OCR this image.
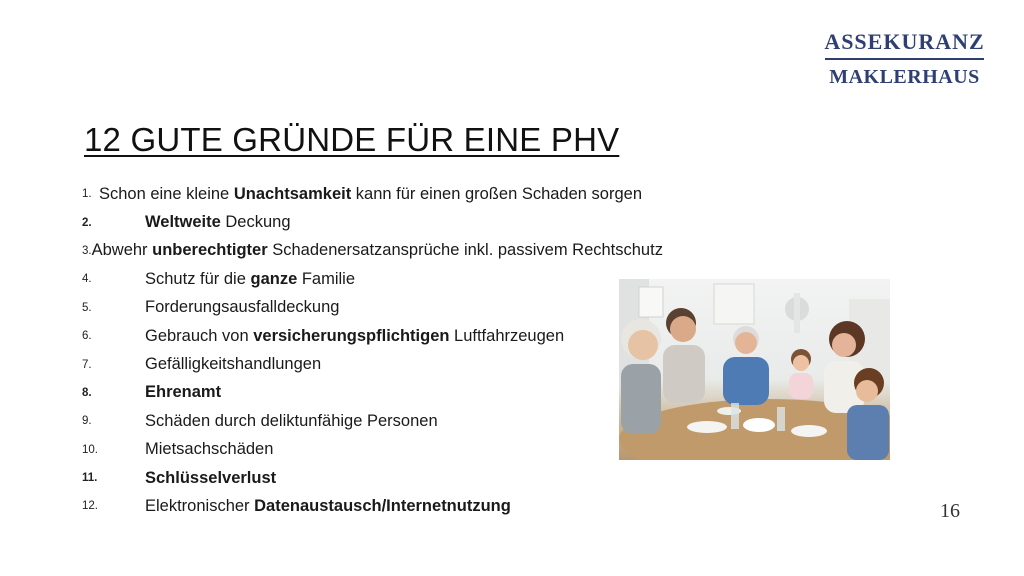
ASSEKURANZ
MAKLERHAUS
12 GUTE GRÜNDE FÜR EINE PHV
1. Schon eine kleine Unachtsamkeit kann für einen großen Schaden sorgen
2.	Weltweite Deckung
3. Abwehr unberechtigter Schadenersatzansprüche inkl. passivem Rechtschutz
4.	Schutz für die ganze Familie
5.	Forderungsausfalldeckung
6.	Gebrauch von versicherungspflichtigen Luftfahrzeugen
7.	Gefälligkeitshandlungen
8.	Ehrenamt
9.	Schäden durch deliktunfähige Personen
10.	Mietsachschäden
11.	Schlüsselverlust
12.	Elektronischer Datenaustausch/Internetnutzung	16
